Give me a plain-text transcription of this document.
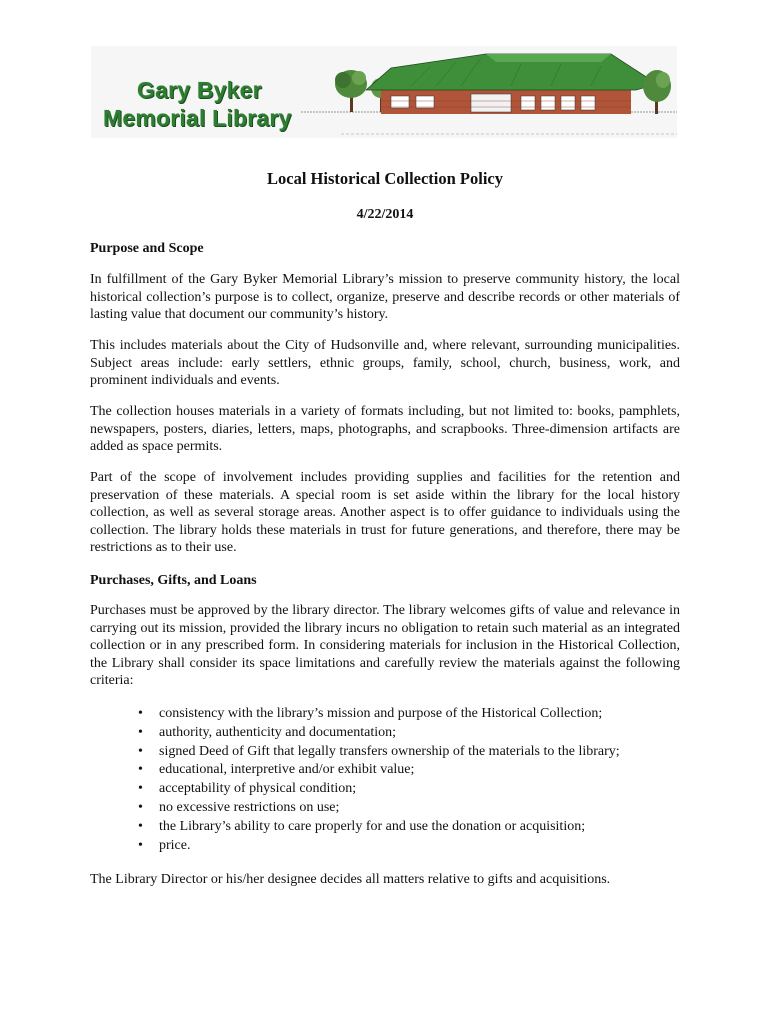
Gary Byker
Memorial Library
Local Historical Collection Policy
4/22/2014
Purpose and Scope

In fulfillment of the Gary Byker Memorial Library’s mission to preserve community history, the local historical collection’s purpose is to collect, organize, preserve and describe records or other materials of lasting value that document our community’s history.

This includes materials about the City of Hudsonville and, where relevant, surrounding municipalities. Subject areas include: early settlers, ethnic groups, family, school, church, business, work, and prominent individuals and events.

The collection houses materials in a variety of formats including, but not limited to: books, pamphlets, newspapers, posters, diaries, letters, maps, photographs, and scrapbooks. Three-dimension artifacts are added as space permits.

Part of the scope of involvement includes providing supplies and facilities for the retention and preservation of these materials. A special room is set aside within the library for the local history collection, as well as several storage areas. Another aspect is to offer guidance to individuals using the collection. The library holds these materials in trust for future generations, and therefore, there may be restrictions as to their use.

Purchases, Gifts, and Loans

Purchases must be approved by the library director. The library welcomes gifts of value and relevance in carrying out its mission, provided the library incurs no obligation to retain such material as an integrated collection or in any prescribed form. In considering materials for inclusion in the Historical Collection, the Library shall consider its space limitations and carefully review the materials against the following criteria:

• consistency with the library’s mission and purpose of the Historical Collection;
• authority, authenticity and documentation;
• signed Deed of Gift that legally transfers ownership of the materials to the library;
• educational, interpretive and/or exhibit value;
• acceptability of physical condition;
• no excessive restrictions on use;
• the Library’s ability to care properly for and use the donation or acquisition;
• price.

The Library Director or his/her designee decides all matters relative to gifts and acquisitions.
